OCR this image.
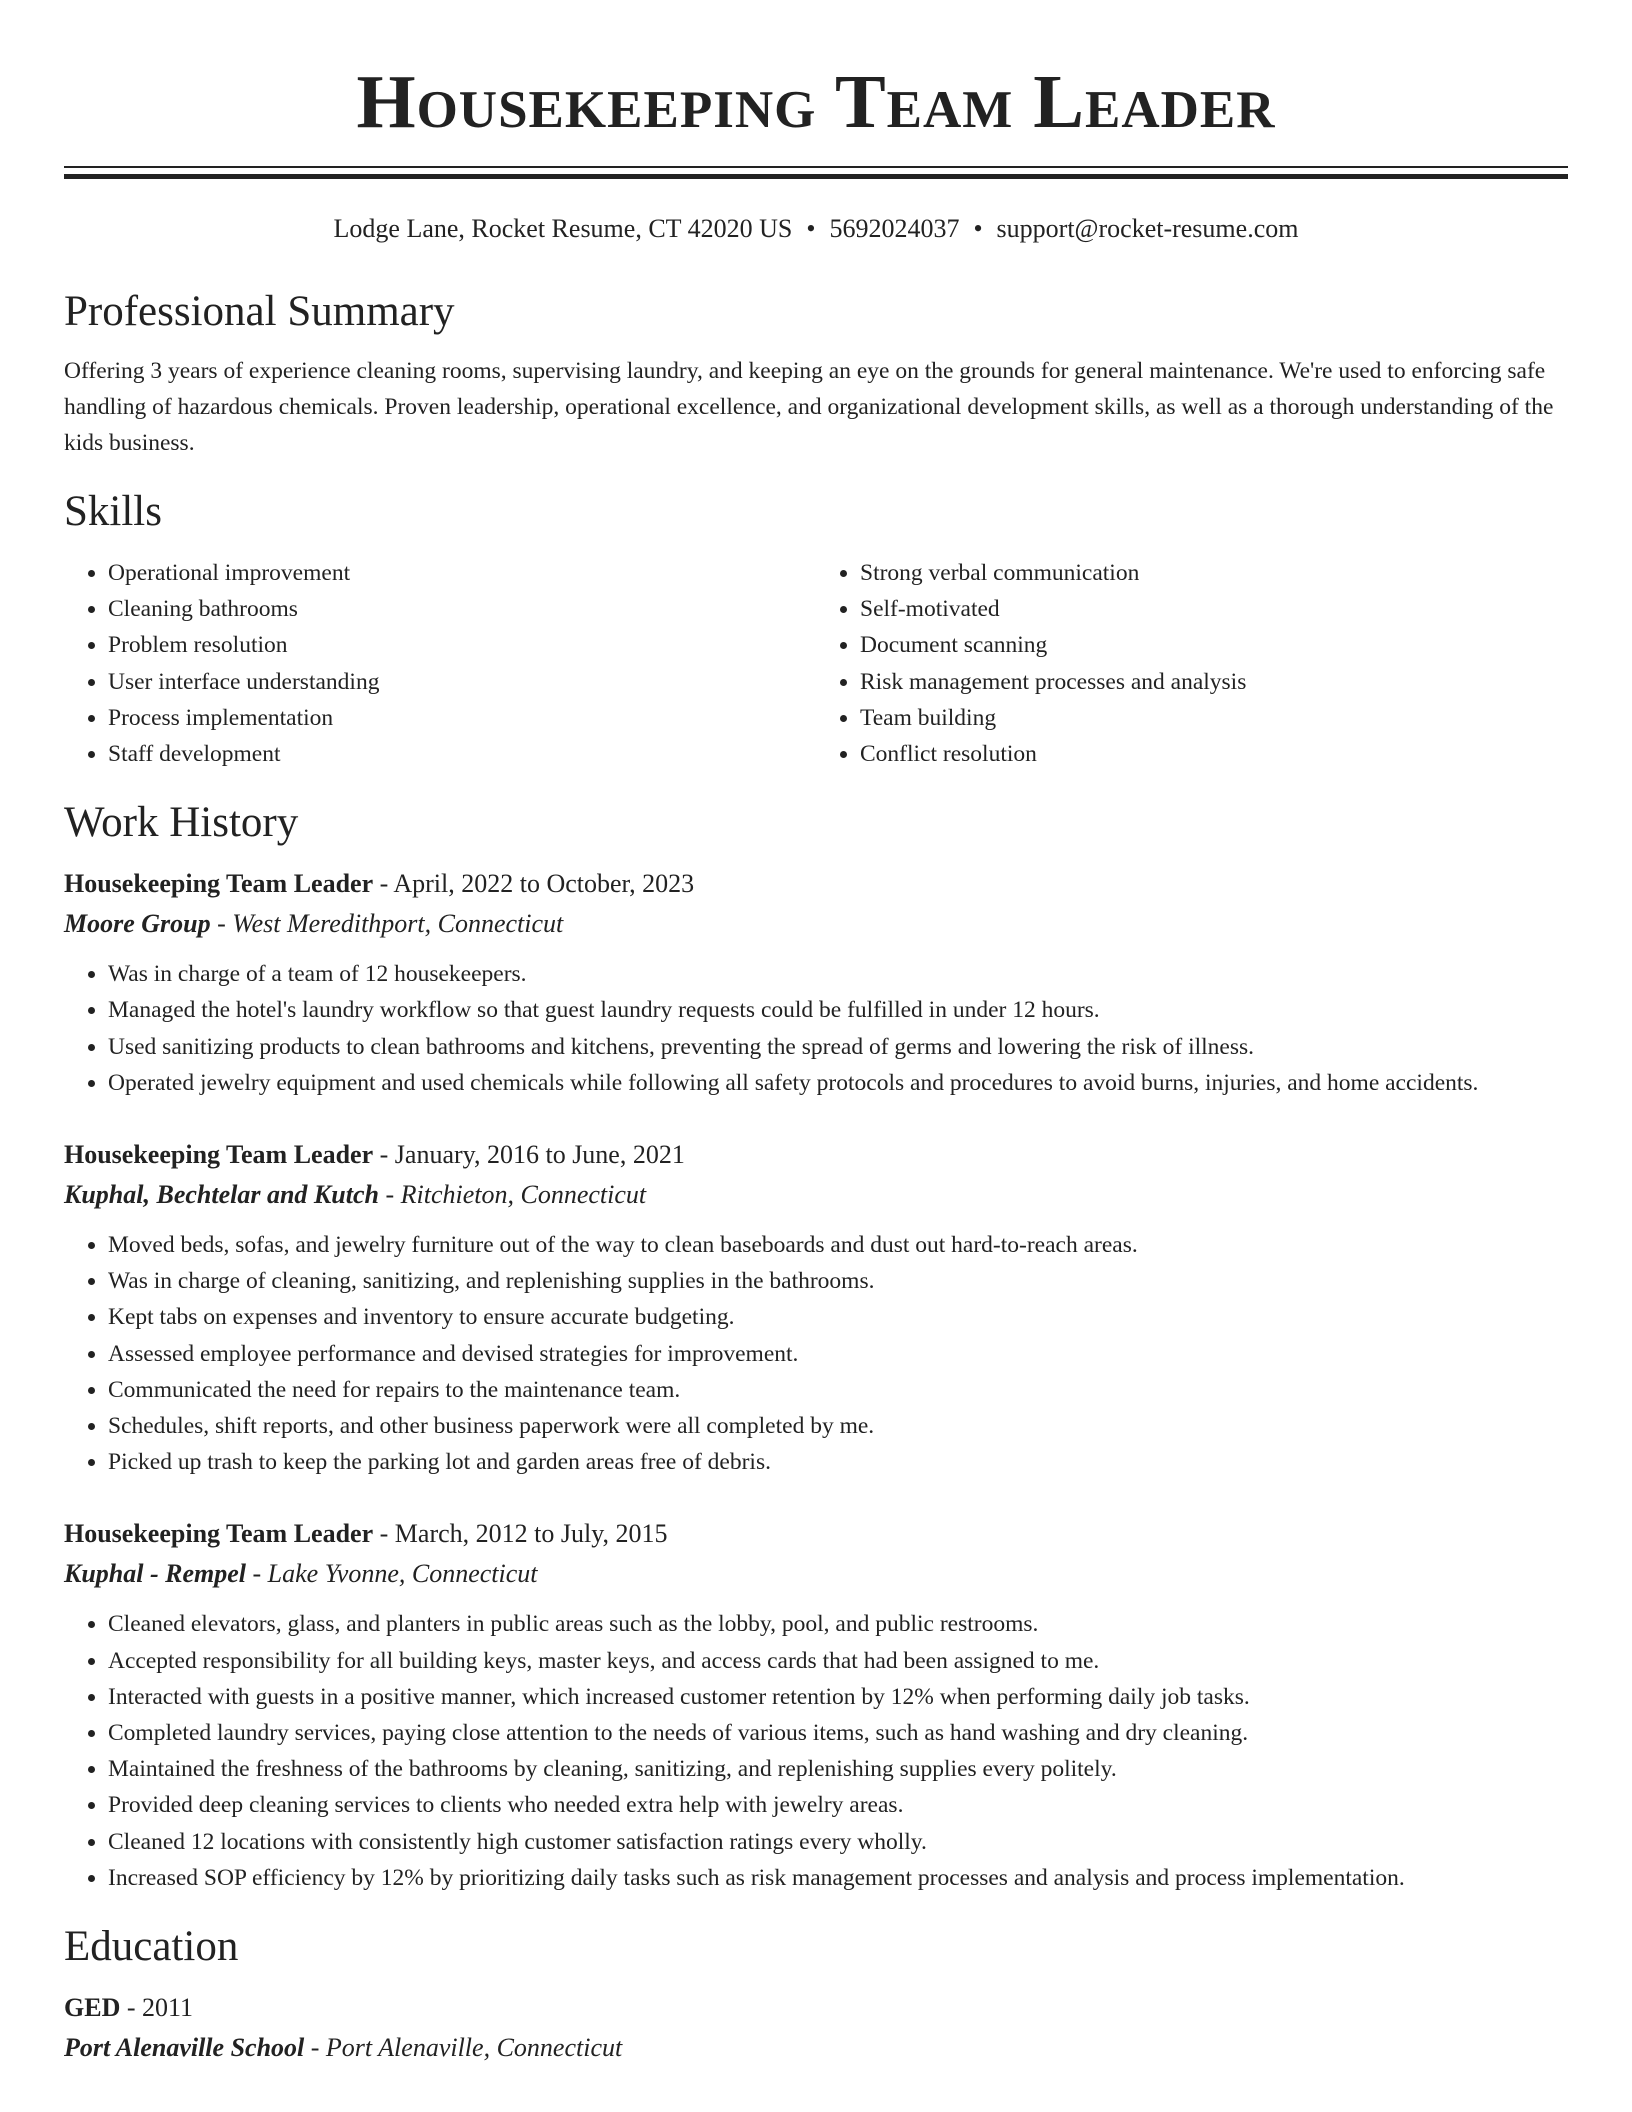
Housekeeping Team Leader
Lodge Lane, Rocket Resume, CT 42020 US • 5692024037 • support@rocket-resume.com
Professional Summary
Offering 3 years of experience cleaning rooms, supervising laundry, and keeping an eye on the grounds for general maintenance. We're used to enforcing safe handling of hazardous chemicals. Proven leadership, operational excellence, and organizational development skills, as well as a thorough understanding of the kids business.
Skills
• Operational improvement
• Cleaning bathrooms
• Problem resolution
• User interface understanding
• Process implementation
• Staff development
• Strong verbal communication
• Self-motivated
• Document scanning
• Risk management processes and analysis
• Team building
• Conflict resolution
Work History
Housekeeping Team Leader - April, 2022 to October, 2023
Moore Group - West Meredithport, Connecticut
• Was in charge of a team of 12 housekeepers.
• Managed the hotel's laundry workflow so that guest laundry requests could be fulfilled in under 12 hours.
• Used sanitizing products to clean bathrooms and kitchens, preventing the spread of germs and lowering the risk of illness.
• Operated jewelry equipment and used chemicals while following all safety protocols and procedures to avoid burns, injuries, and home accidents.
Housekeeping Team Leader - January, 2016 to June, 2021
Kuphal, Bechtelar and Kutch - Ritchieton, Connecticut
• Moved beds, sofas, and jewelry furniture out of the way to clean baseboards and dust out hard-to-reach areas.
• Was in charge of cleaning, sanitizing, and replenishing supplies in the bathrooms.
• Kept tabs on expenses and inventory to ensure accurate budgeting.
• Assessed employee performance and devised strategies for improvement.
• Communicated the need for repairs to the maintenance team.
• Schedules, shift reports, and other business paperwork were all completed by me.
• Picked up trash to keep the parking lot and garden areas free of debris.
Housekeeping Team Leader - March, 2012 to July, 2015
Kuphal - Rempel - Lake Yvonne, Connecticut
• Cleaned elevators, glass, and planters in public areas such as the lobby, pool, and public restrooms.
• Accepted responsibility for all building keys, master keys, and access cards that had been assigned to me.
• Interacted with guests in a positive manner, which increased customer retention by 12% when performing daily job tasks.
• Completed laundry services, paying close attention to the needs of various items, such as hand washing and dry cleaning.
• Maintained the freshness of the bathrooms by cleaning, sanitizing, and replenishing supplies every politely.
• Provided deep cleaning services to clients who needed extra help with jewelry areas.
• Cleaned 12 locations with consistently high customer satisfaction ratings every wholly.
• Increased SOP efficiency by 12% by prioritizing daily tasks such as risk management processes and analysis and process implementation.
Education
GED - 2011
Port Alenaville School - Port Alenaville, Connecticut
